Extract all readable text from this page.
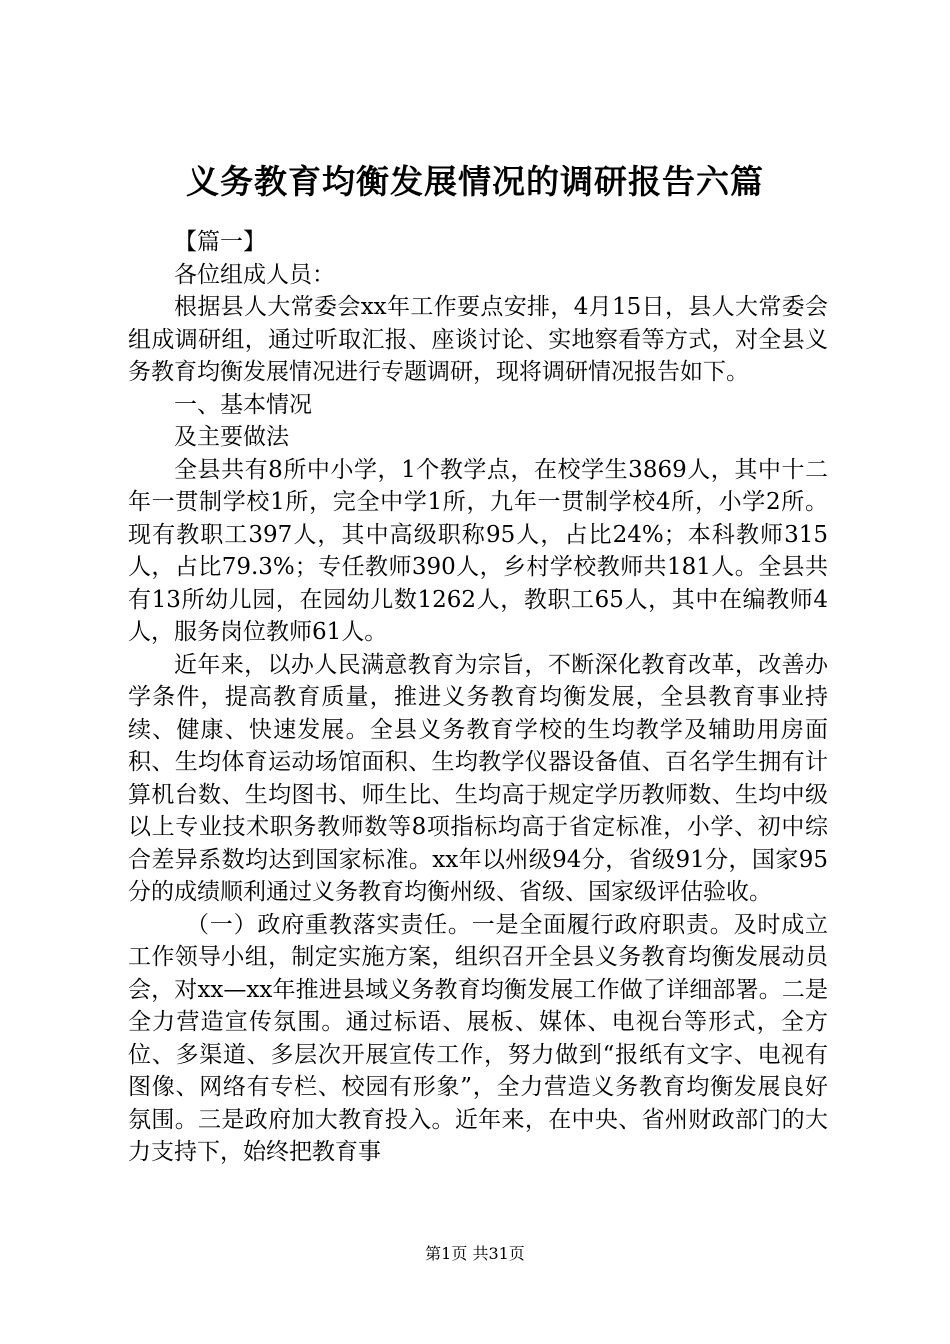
义务教育均衡发展情况的调研报告六篇

【篇一】

各位组成人员：

根据县人大常委会xx年工作要点安排，4月15日，县人大常委会组成调研组，通过听取汇报、座谈讨论、实地察看等方式，对全县义务教育均衡发展情况进行专题调研，现将调研情况报告如下。

一、基本情况

及主要做法

全县共有8所中小学，1个教学点，在校学生3869人，其中十二年一贯制学校1所，完全中学1所，九年一贯制学校4所，小学2所。现有教职工397人，其中高级职称95人，占比24%；本科教师315人，占比79.3%；专任教师390人，乡村学校教师共181人。全县共有13所幼儿园，在园幼儿数1262人，教职工65人，其中在编教师4人，服务岗位教师61人。

近年来，以办人民满意教育为宗旨，不断深化教育改革，改善办学条件，提高教育质量，推进义务教育均衡发展，全县教育事业持续、健康、快速发展。全县义务教育学校的生均教学及辅助用房面积、生均体育运动场馆面积、生均教学仪器设备值、百名学生拥有计算机台数、生均图书、师生比、生均高于规定学历教师数、生均中级以上专业技术职务教师数等8项指标均高于省定标准，小学、初中综合差异系数均达到国家标准。xx年以州级94分，省级91分，国家95分的成绩顺利通过义务教育均衡州级、省级、国家级评估验收。

（一）政府重教落实责任。一是全面履行政府职责。及时成立工作领导小组，制定实施方案，组织召开全县义务教育均衡发展动员会，对xx—xx年推进县域义务教育均衡发展工作做了详细部署。二是全力营造宣传氛围。通过标语、展板、媒体、电视台等形式，全方位、多渠道、多层次开展宣传工作，努力做到“报纸有文字、电视有图像、网络有专栏、校园有形象”，全力营造义务教育均衡发展良好氛围。三是政府加大教育投入。近年来，在中央、省州财政部门的大力支持下，始终把教育事

第1页 共31页
